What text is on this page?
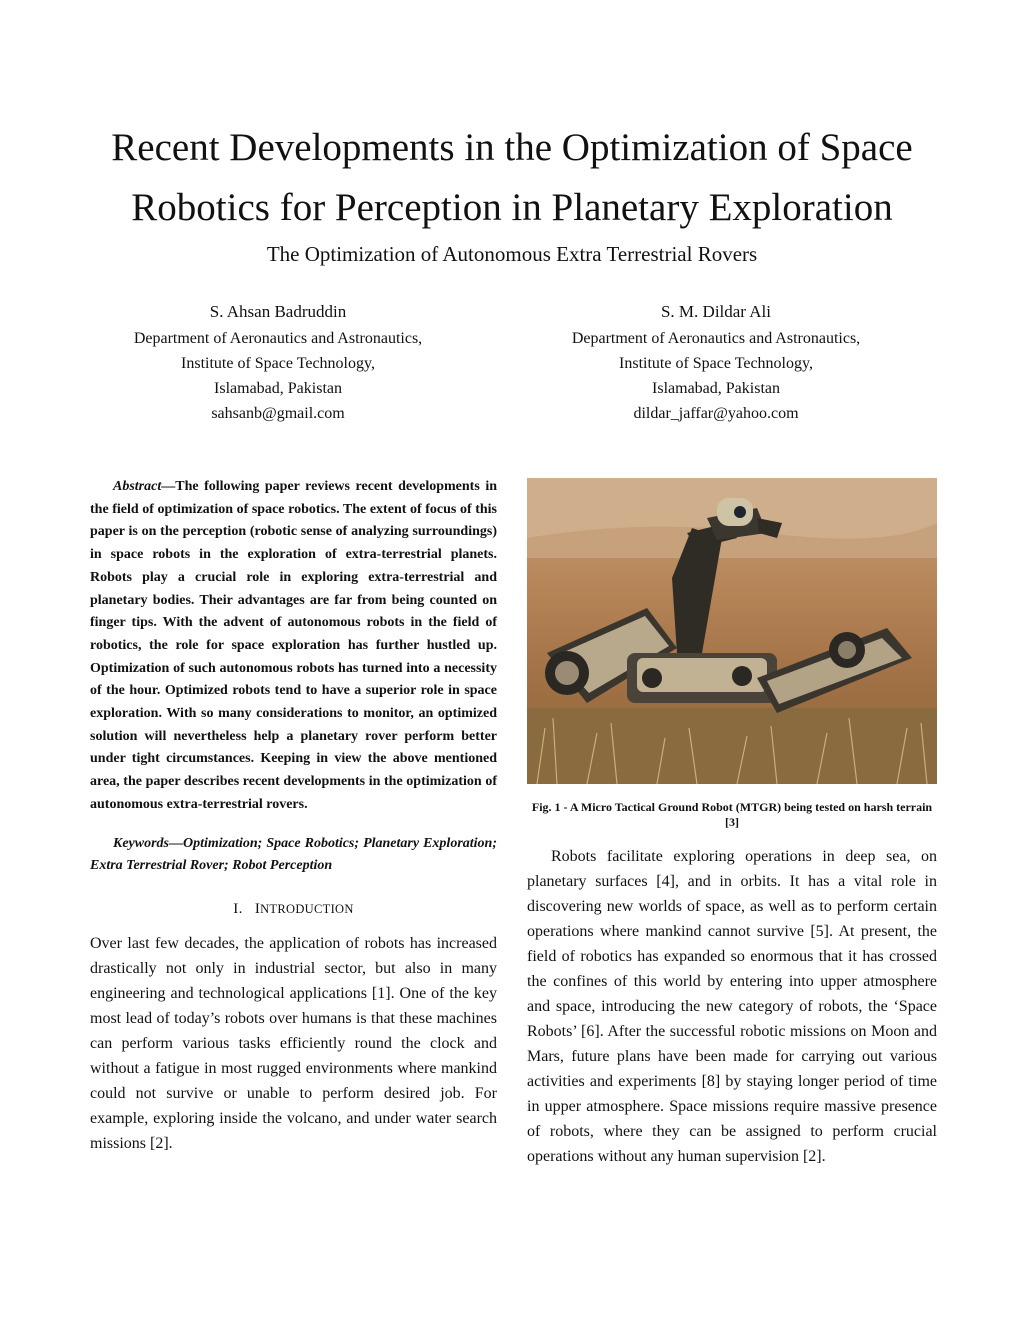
Recent Developments in the Optimization of Space
Robotics for Perception in Planetary Exploration
The Optimization of Autonomous Extra Terrestrial Rovers
S. Ahsan Badruddin
Department of Aeronautics and Astronautics,
Institute of Space Technology,
Islamabad, Pakistan
sahsanb@gmail.com
S. M. Dildar Ali
Department of Aeronautics and Astronautics,
Institute of Space Technology,
Islamabad, Pakistan
dildar_jaffar@yahoo.com

Abstract—The following paper reviews recent developments in the field of optimization of space robotics. The extent of focus of this paper is on the perception (robotic sense of analyzing surroundings) in space robots in the exploration of extra-terrestrial planets. Robots play a crucial role in exploring extra-terrestrial and planetary bodies. Their advantages are far from being counted on finger tips. With the advent of autonomous robots in the field of robotics, the role for space exploration has further hustled up. Optimization of such autonomous robots has turned into a necessity of the hour. Optimized robots tend to have a superior role in space exploration. With so many considerations to monitor, an optimized solution will nevertheless help a planetary rover perform better under tight circumstances. Keeping in view the above mentioned area, the paper describes recent developments in the optimization of autonomous extra-terrestrial rovers.

Keywords—Optimization; Space Robotics; Planetary Exploration; Extra Terrestrial Rover; Robot Perception

I. INTRODUCTION

Over last few decades, the application of robots has increased drastically not only in industrial sector, but also in many engineering and technological applications [1]. One of the key most lead of today’s robots over humans is that these machines can perform various tasks efficiently round the clock and without a fatigue in most rugged environments where mankind could not survive or unable to perform desired job. For example, exploring inside the volcano, and under water search missions [2].

Fig. 1 - A Micro Tactical Ground Robot (MTGR) being tested on harsh terrain [3]

Robots facilitate exploring operations in deep sea, on planetary surfaces [4], and in orbits. It has a vital role in discovering new worlds of space, as well as to perform certain operations where mankind cannot survive [5]. At present, the field of robotics has expanded so enormous that it has crossed the confines of this world by entering into upper atmosphere and space, introducing the new category of robots, the ‘Space Robots’ [6]. After the successful robotic missions on Moon and Mars, future plans have been made for carrying out various activities and experiments [8] by staying longer period of time in upper atmosphere. Space missions require massive presence of robots, where they can be assigned to perform crucial operations without any human supervision [2].
